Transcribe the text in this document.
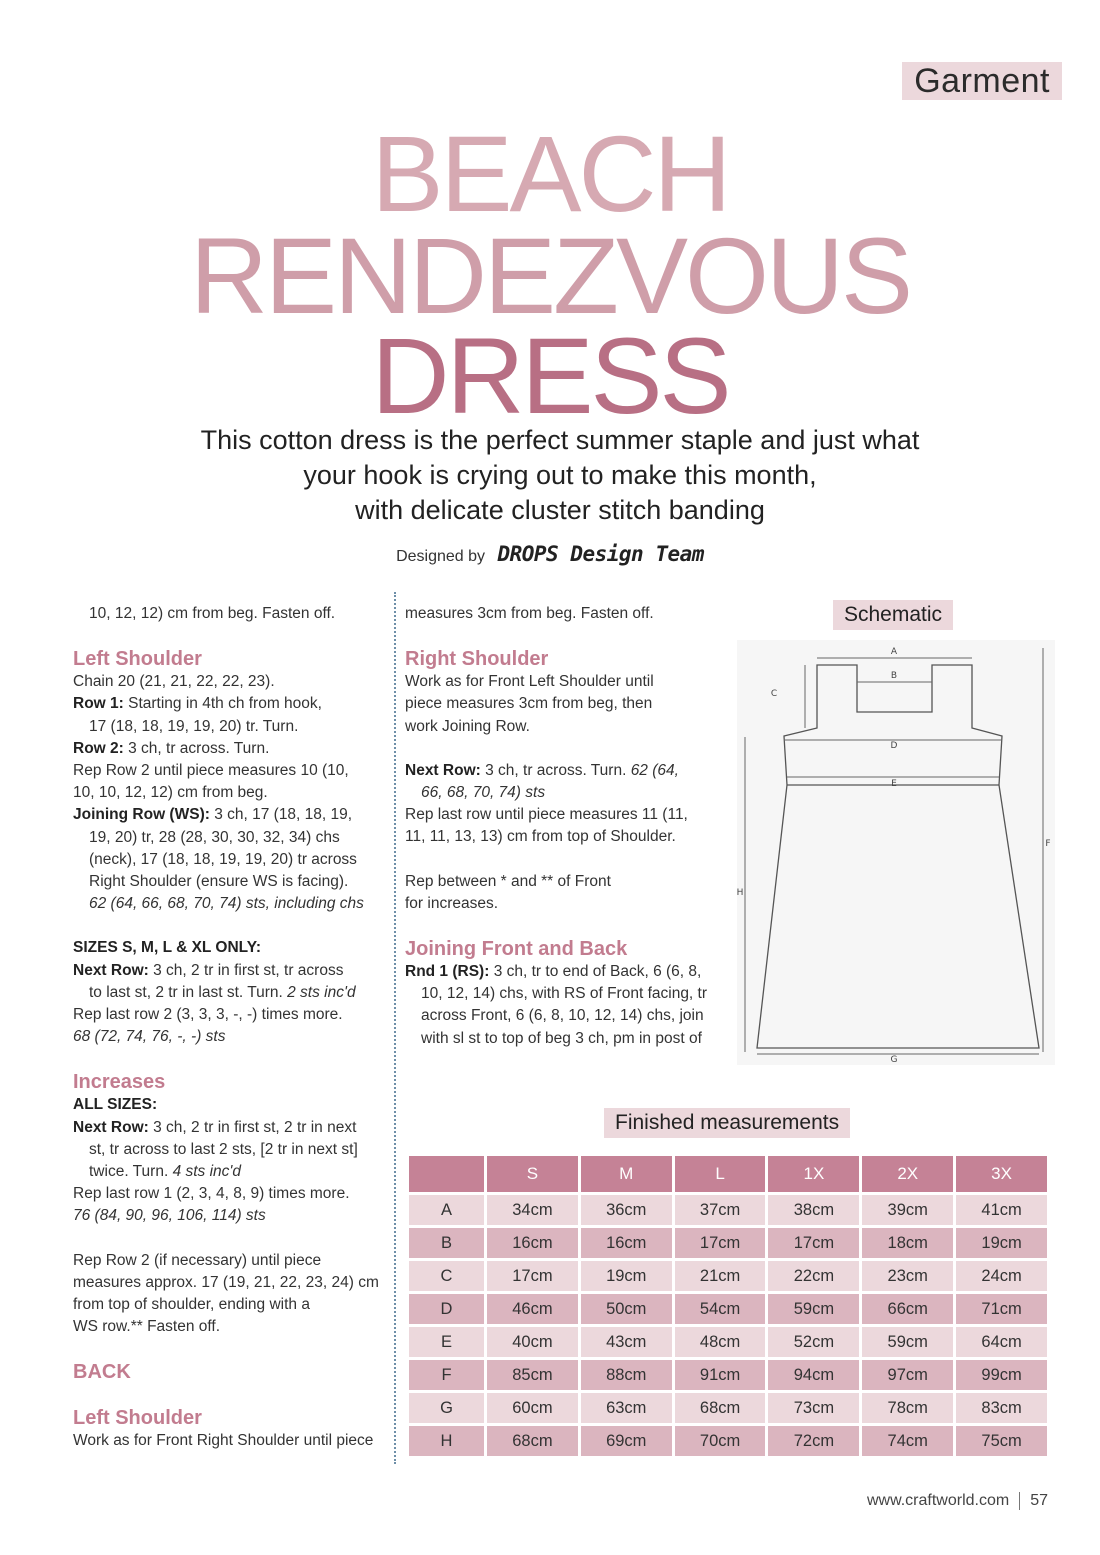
Garment
BEACH
RENDEZVOUS
DRESS
This cotton dress is the perfect summer staple and just what
your hook is crying out to make this month,
with delicate cluster stitch banding
Designed by DROPS Design Team

10, 12, 12) cm from beg. Fasten off.

Left Shoulder

Chain 20 (21, 21, 22, 22, 23).

Row 1: Starting in 4th ch from hook,

17 (18, 18, 19, 19, 20) tr. Turn.

Row 2: 3 ch, tr across. Turn.

Rep Row 2 until piece measures 10 (10,

10, 10, 12, 12) cm from beg.

Joining Row (WS): 3 ch, 17 (18, 18, 19,

19, 20) tr, 28 (28, 30, 30, 32, 34) chs

(neck), 17 (18, 18, 19, 19, 20) tr across

Right Shoulder (ensure WS is facing).

62 (64, 66, 68, 70, 74) sts, including chs

SIZES S, M, L & XL ONLY:

Next Row: 3 ch, 2 tr in first st, tr across

to last st, 2 tr in last st. Turn. 2 sts inc'd

Rep last row 2 (3, 3, 3, -, -) times more.

68 (72, 74, 76, -, -) sts

Increases

ALL SIZES:

Next Row: 3 ch, 2 tr in first st, 2 tr in next

st, tr across to last 2 sts, [2 tr in next st]

twice. Turn. 4 sts inc'd

Rep last row 1 (2, 3, 4, 8, 9) times more.

76 (84, 90, 96, 106, 114) sts

Rep Row 2 (if necessary) until piece

measures approx. 17 (19, 21, 22, 23, 24) cm

from top of shoulder, ending with a

WS row.** Fasten off.

BACK

Left Shoulder

Work as for Front Right Shoulder until piece

measures 3cm from beg. Fasten off.

Right Shoulder

Work as for Front Left Shoulder until

piece measures 3cm from beg, then

work Joining Row.

Next Row: 3 ch, tr across. Turn. 62 (64,

66, 68, 70, 74) sts

Rep last row until piece measures 11 (11,

11, 11, 13, 13) cm from top of Shoulder.

Rep between * and ** of Front

for increases.

Joining Front and Back

Rnd 1 (RS): 3 ch, tr to end of Back, 6 (6, 8,

10, 12, 14) chs, with RS of Front facing, tr

across Front, 6 (6, 8, 10, 12, 14) chs, join

with sl st to top of beg 3 ch, pm in post of

Schematic
A
B
C
D
E
F
G
H
Finished measurements
	S	M	L	1X	2X	3X
A	34cm	36cm	37cm	38cm	39cm	41cm
B	16cm	16cm	17cm	17cm	18cm	19cm
C	17cm	19cm	21cm	22cm	23cm	24cm
D	46cm	50cm	54cm	59cm	66cm	71cm
E	40cm	43cm	48cm	52cm	59cm	64cm
F	85cm	88cm	91cm	94cm	97cm	99cm
G	60cm	63cm	68cm	73cm	78cm	83cm
H	68cm	69cm	70cm	72cm	74cm	75cm
www.craftworld.com 57
